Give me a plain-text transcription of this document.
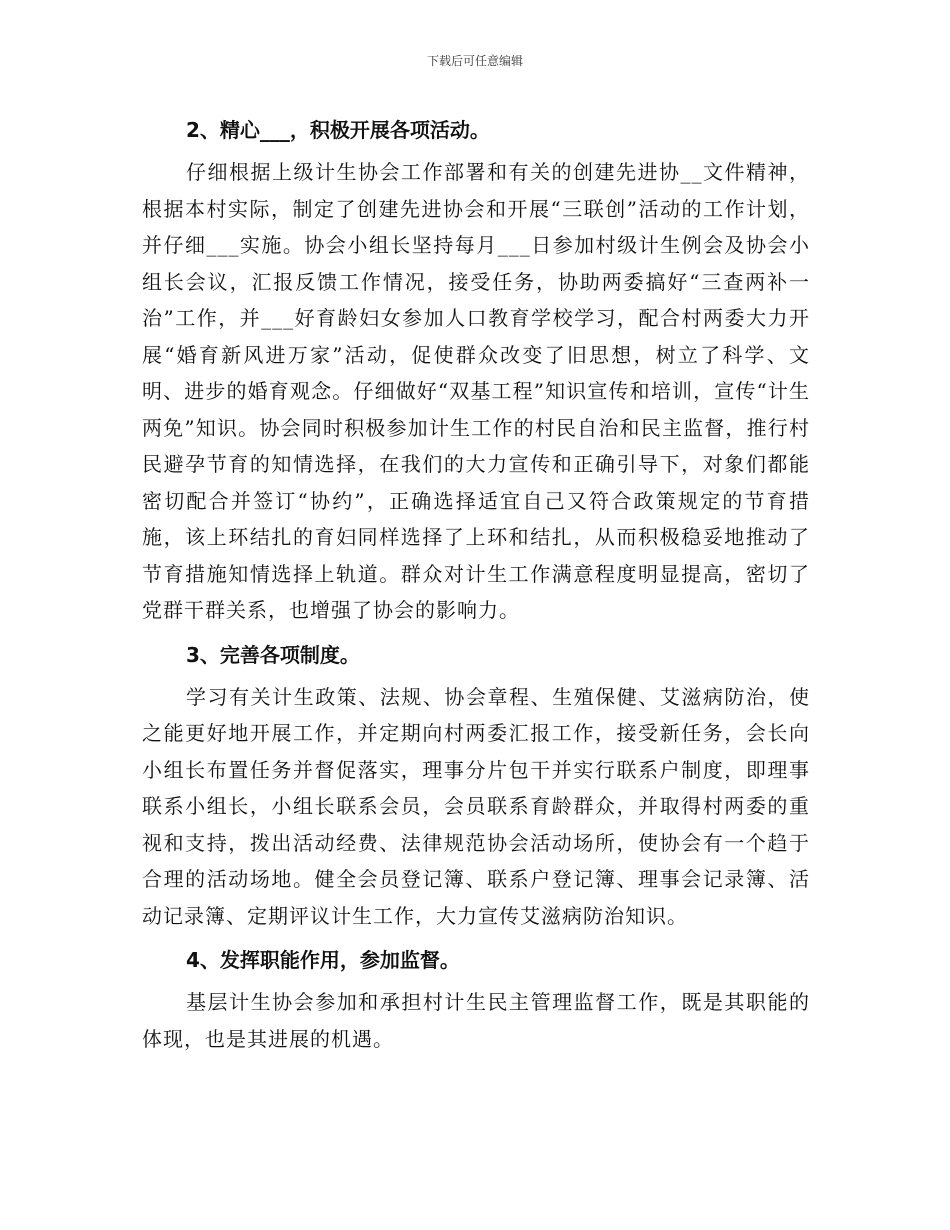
下载后可任意编辑
2、精心___，积极开展各项活动。

仔细根据上级计生协会工作部署和有关的创建先进协__文件精神，根据本村实际，制定了创建先进协会和开展“三联创”活动的工作计划，并仔细___实施。协会小组长坚持每月___日参加村级计生例会及协会小组长会议，汇报反馈工作情况，接受任务，协助两委搞好“三查两补一治”工作，并___好育龄妇女参加人口教育学校学习，配合村两委大力开展“婚育新风进万家”活动，促使群众改变了旧思想，树立了科学、文明、进步的婚育观念。仔细做好“双基工程”知识宣传和培训，宣传“计生两免”知识。协会同时积极参加计生工作的村民自治和民主监督，推行村民避孕节育的知情选择，在我们的大力宣传和正确引导下，对象们都能密切配合并签订“协约”，正确选择适宜自己又符合政策规定的节育措施，该上环结扎的育妇同样选择了上环和结扎，从而积极稳妥地推动了节育措施知情选择上轨道。群众对计生工作满意程度明显提高，密切了党群干群关系，也增强了协会的影响力。

3、完善各项制度。

学习有关计生政策、法规、协会章程、生殖保健、艾滋病防治，使之能更好地开展工作，并定期向村两委汇报工作，接受新任务，会长向小组长布置任务并督促落实，理事分片包干并实行联系户制度，即理事联系小组长，小组长联系会员，会员联系育龄群众，并取得村两委的重视和支持，拨出活动经费、法律规范协会活动场所，使协会有一个趋于合理的活动场地。健全会员登记簿、联系户登记簿、理事会记录簿、活动记录簿、定期评议计生工作，大力宣传艾滋病防治知识。

4、发挥职能作用，参加监督。

基层计生协会参加和承担村计生民主管理监督工作，既是其职能的体现，也是其进展的机遇。
